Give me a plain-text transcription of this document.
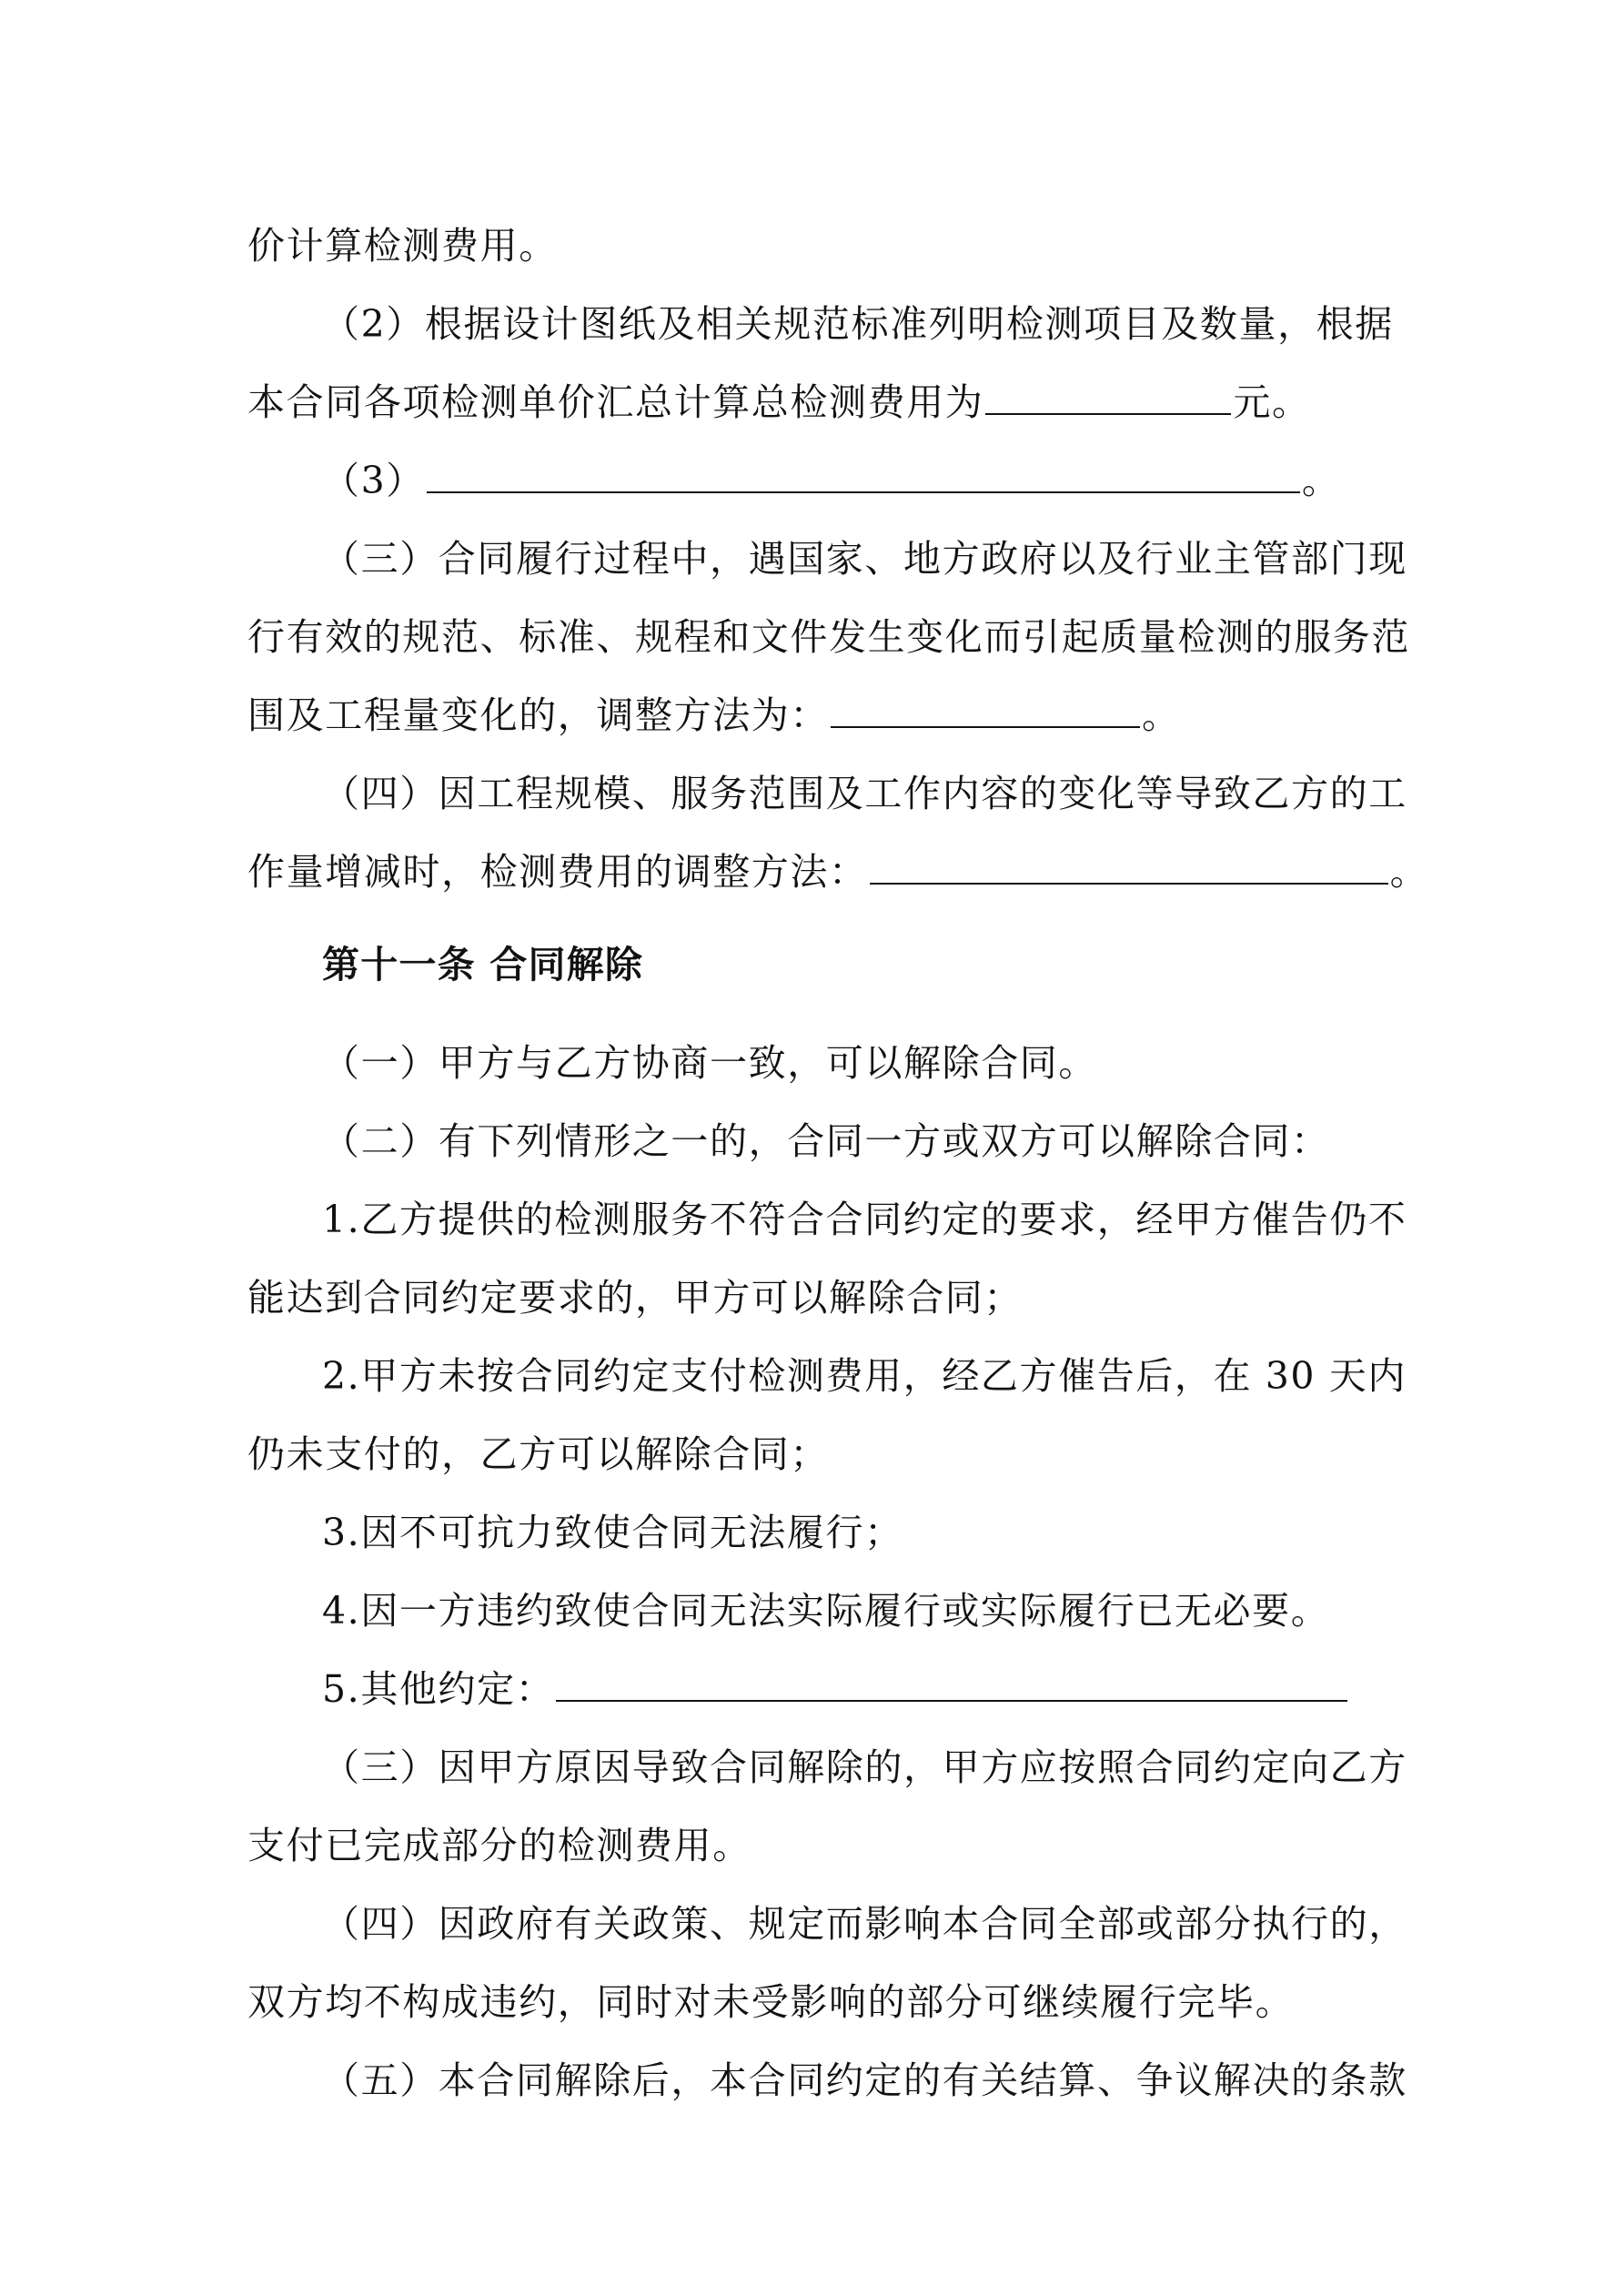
价计算检测费用。
（2）根据设计图纸及相关规范标准列明检测项目及数量，根据
本合同各项检测单价汇总计算总检测费用为	元。
（3）	。
（三）合同履行过程中，遇国家、地方政府以及行业主管部门现
行有效的规范、标准、规程和文件发生变化而引起质量检测的服务范
围及工程量变化的，调整方法为：	。
（四）因工程规模、服务范围及工作内容的变化等导致乙方的工
作量增减时，检测费用的调整方法：	。
第十一条 合同解除
（一）甲方与乙方协商一致，可以解除合同。
（二）有下列情形之一的，合同一方或双方可以解除合同：
1.乙方提供的检测服务不符合合同约定的要求，经甲方催告仍不
能达到合同约定要求的，甲方可以解除合同；
2.甲方未按合同约定支付检测费用，经乙方催告后，在 30 天内
仍未支付的，乙方可以解除合同；
3.因不可抗力致使合同无法履行；
4.因一方违约致使合同无法实际履行或实际履行已无必要。
5.其他约定：
（三）因甲方原因导致合同解除的，甲方应按照合同约定向乙方
支付已完成部分的检测费用。
（四）因政府有关政策、规定而影响本合同全部或部分执行的，
双方均不构成违约，同时对未受影响的部分可继续履行完毕。
（五）本合同解除后，本合同约定的有关结算、争议解决的条款
